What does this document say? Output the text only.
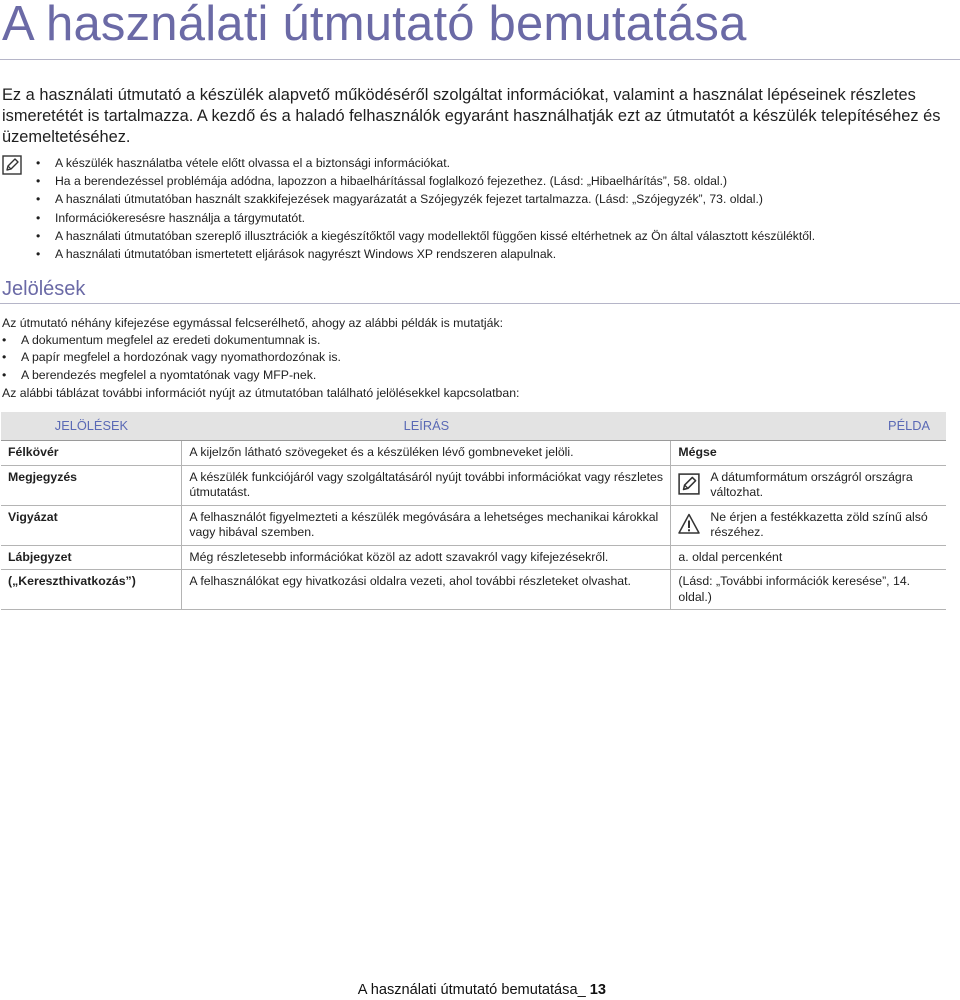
A használati útmutató bemutatása
Ez a használati útmutató a készülék alapvető működéséről szolgáltat információkat, valamint a használat lépéseinek részletes ismeretétét is tartalmazza. A kezdő és a haladó felhasználók egyaránt használhatják ezt az útmutatót a készülék telepítéséhez és üzemeltetéséhez.
• A készülék használatba vétele előtt olvassa el a biztonsági információkat.
• Ha a berendezéssel problémája adódna, lapozzon a hibaelhárítással foglalkozó fejezethez. (Lásd: „Hibaelhárítás”, 58. oldal.)
• A használati útmutatóban használt szakkifejezések magyarázatát a Szójegyzék fejezet tartalmazza. (Lásd: „Szójegyzék”, 73. oldal.)
• Információkeresésre használja a tárgymutatót.
• A használati útmutatóban szereplő illusztrációk a kiegészítőktől vagy modellektől függően kissé eltérhetnek az Ön által választott készüléktől.
• A használati útmutatóban ismertetett eljárások nagyrészt Windows XP rendszeren alapulnak.
Jelölések
Az útmutató néhány kifejezése egymással felcserélhető, ahogy az alábbi példák is mutatják:
• A dokumentum megfelel az eredeti dokumentumnak is.
• A papír megfelel a hordozónak vagy nyomathordozónak is.
• A berendezés megfelel a nyomtatónak vagy MFP-nek.
Az alábbi táblázat további információt nyújt az útmutatóban található jelölésekkel kapcsolatban:
JELÖLÉSEK	LEÍRÁS	PÉLDA
Félkövér	A kijelzőn látható szövegeket és a készüléken lévő gombneveket jelöli.	Mégse
Megjegyzés	A készülék funkciójáról vagy szolgáltatásáról nyújt további információkat vagy részletes útmutatást.	A dátumformátum országról országra változhat.

Vigyázat	A felhasználót figyelmezteti a készülék megóvására a lehetséges mechanikai károkkal vagy hibával szemben.	Ne érjen a festékkazetta zöld színű alsó részéhez.

Lábjegyzet	Még részletesebb információkat közöl az adott szavakról vagy kifejezésekről.	a. oldal percenként
(„Kereszthivatkozás”)	A felhasználókat egy hivatkozási oldalra vezeti, ahol további részleteket olvashat.	(Lásd: „További információk keresése”, 14. oldal.)
A használati útmutató bemutatása_ 13
